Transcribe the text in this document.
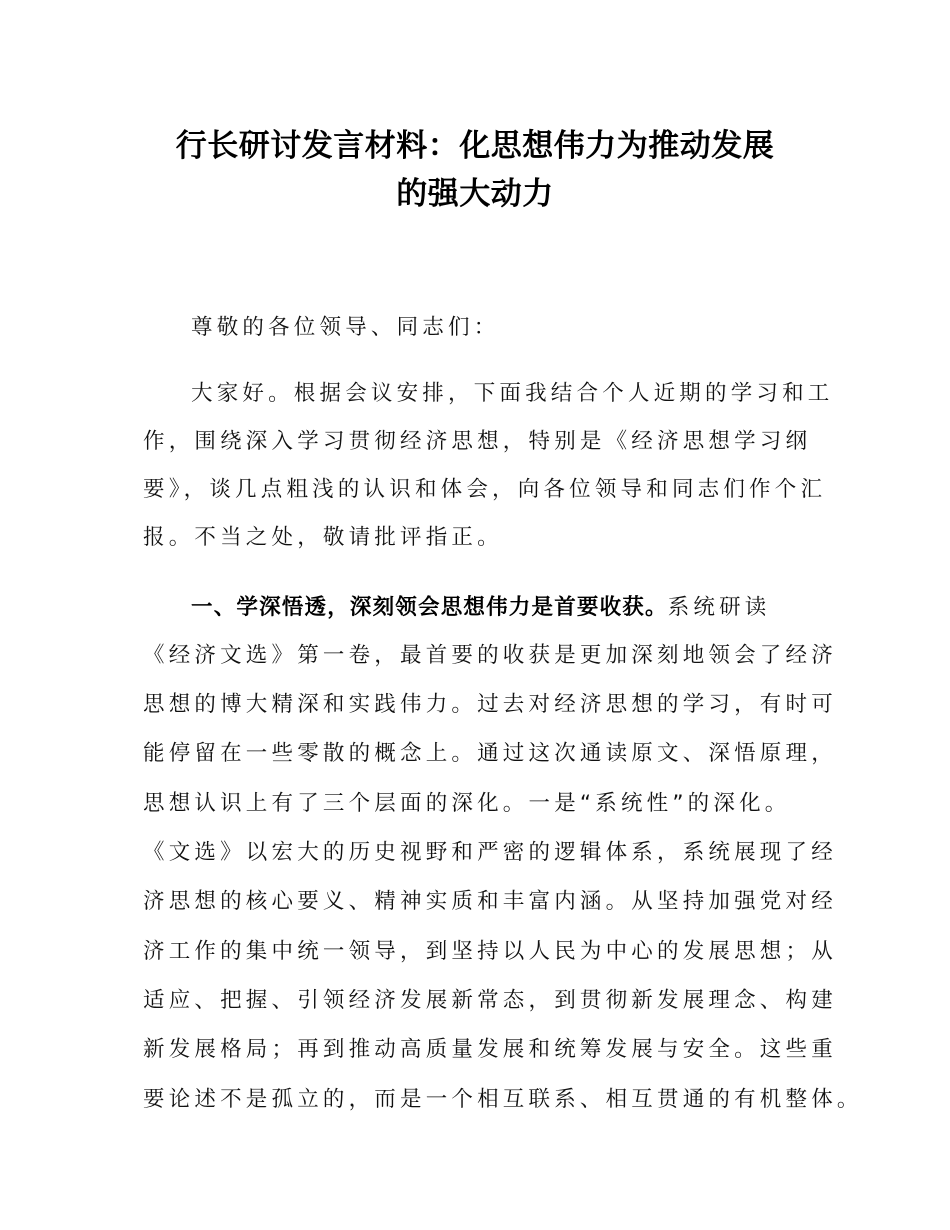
行长研讨发言材料：化思想伟力为推动发展
的强大动力
尊敬的各位领导、同志们：
大家好。根据会议安排，下面我结合个人近期的学习和工
作，围绕深入学习贯彻经济思想，特别是《经济思想学习纲
要》，谈几点粗浅的认识和体会，向各位领导和同志们作个汇
报。不当之处，敬请批评指正。
一、学深悟透，深刻领会思想伟力是首要收获。系统研读
《经济文选》第一卷，最首要的收获是更加深刻地领会了经济
思想的博大精深和实践伟力。过去对经济思想的学习，有时可
能停留在一些零散的概念上。通过这次通读原文、深悟原理，
思想认识上有了三个层面的深化。一是“系统性”的深化。
《文选》以宏大的历史视野和严密的逻辑体系，系统展现了经
济思想的核心要义、精神实质和丰富内涵。从坚持加强党对经
济工作的集中统一领导，到坚持以人民为中心的发展思想；从
适应、把握、引领经济发展新常态，到贯彻新发展理念、构建
新发展格局；再到推动高质量发展和统筹发展与安全。这些重
要论述不是孤立的，而是一个相互联系、相互贯通的有机整体。
